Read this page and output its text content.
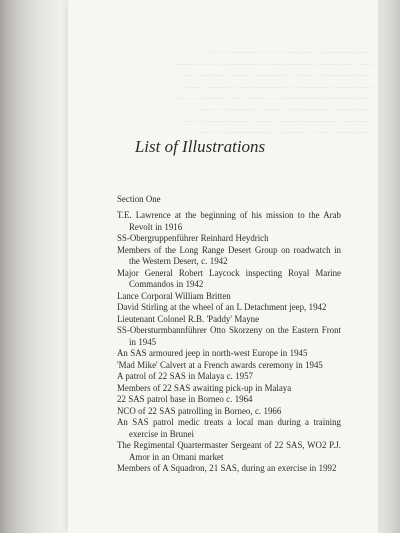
List of Illustrations
Section One
T.E. Lawrence at the beginning of his mission to the Arab Revolt in 1916
SS-Obergruppenführer Reinhard Heydrich
Members of the Long Range Desert Group on roadwatch in the Western Desert, c. 1942
Major General Robert Laycock inspecting Royal Marine Commandos in 1942
Lance Corporal William Britten
David Stirling at the wheel of an L Detachment jeep, 1942
Lieutenant Colonel R.B. 'Paddy' Mayne
SS-Obersturmbannführer Otto Skorzeny on the Eastern Front in 1945
An SAS armoured jeep in north-west Europe in 1945
'Mad Mike' Calvert at a French awards ceremony in 1945
A patrol of 22 SAS in Malaya c. 1957
Members of 22 SAS awaiting pick-up in Malaya
22 SAS patrol base in Borneo c. 1964
NCO of 22 SAS patrolling in Borneo, c. 1966
An SAS patrol medic treats a local man during a training exercise in Brunei
The Regimental Quartermaster Sergeant of 22 SAS, WO2 P.J. Amor in an Omani market
Members of A Squadron, 21 SAS, during an exercise in 1992
